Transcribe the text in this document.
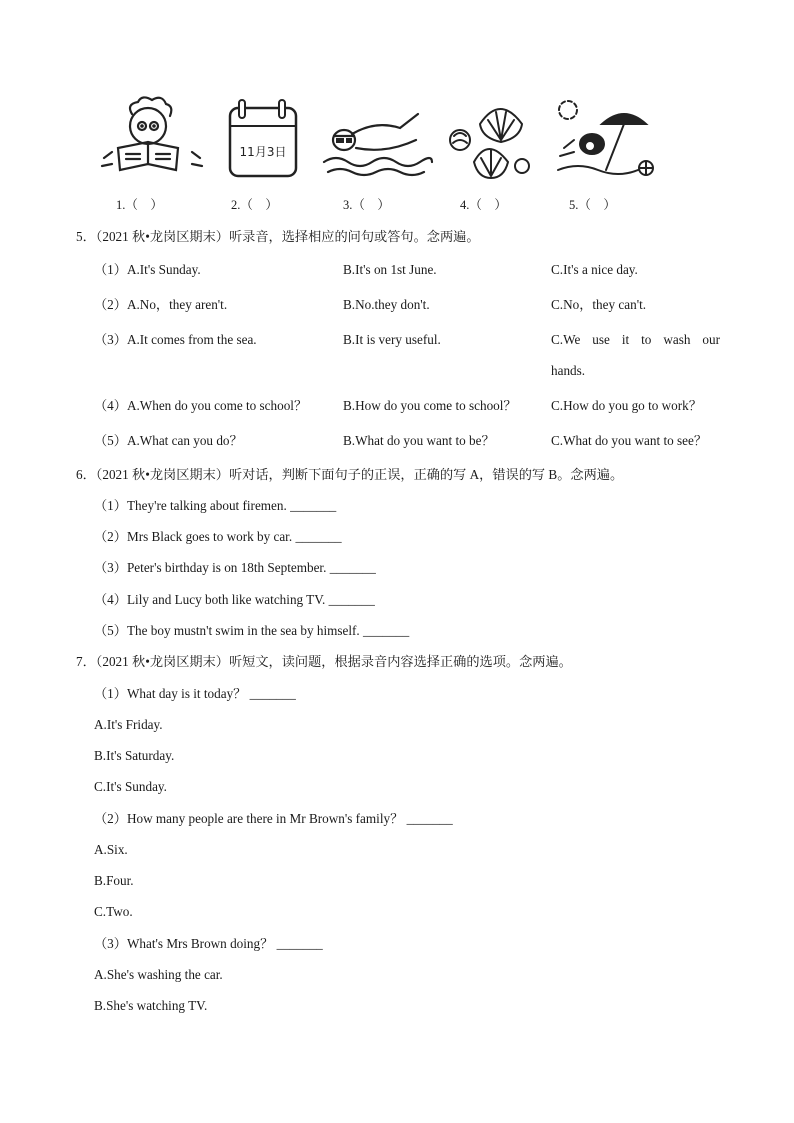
11月3日
1.（    ）	2.（    ）	3.（    ）	4.（    ）	5.（    ）
5．（2021 秋•龙岗区期末）听录音，选择相应的问句或答句。念两遍。
（1）A.It's Sunday.	B.It's on 1st June.	C.It's a nice day.
（2）A.No，they aren't.	B.No.they don't.	C.No，they can't.
（3）A.It comes from the sea.	B.It is very useful.	C.We use it to wash our
hands.
（4）A.When do you come to school？	B.How do you come to school？	C.How do you go to work？
（5）A.What can you do？	B.What do you want to be？	C.What do you want to see？
6．（2021 秋•龙岗区期末）听对话，判断下面句子的正误，正确的写 A，错误的写 B。念两遍。
（1）They're talking about firemen. _______
（2）Mrs Black goes to work by car. _______
（3）Peter's birthday is on 18th September. _______
（4）Lily and Lucy both like watching TV. _______
（5）The boy mustn't swim in the sea by himself. _______
7．（2021 秋•龙岗区期末）听短文，读问题，根据录音内容选择正确的选项。念两遍。
（1）What day is it today？ _______
A.It's Friday.
B.It's Saturday.
C.It's Sunday.
（2）How many people are there in Mr Brown's family？ _______
A.Six.
B.Four.
C.Two.
（3）What's Mrs Brown doing？ _______
A.She's washing the car.
B.She's watching TV.
